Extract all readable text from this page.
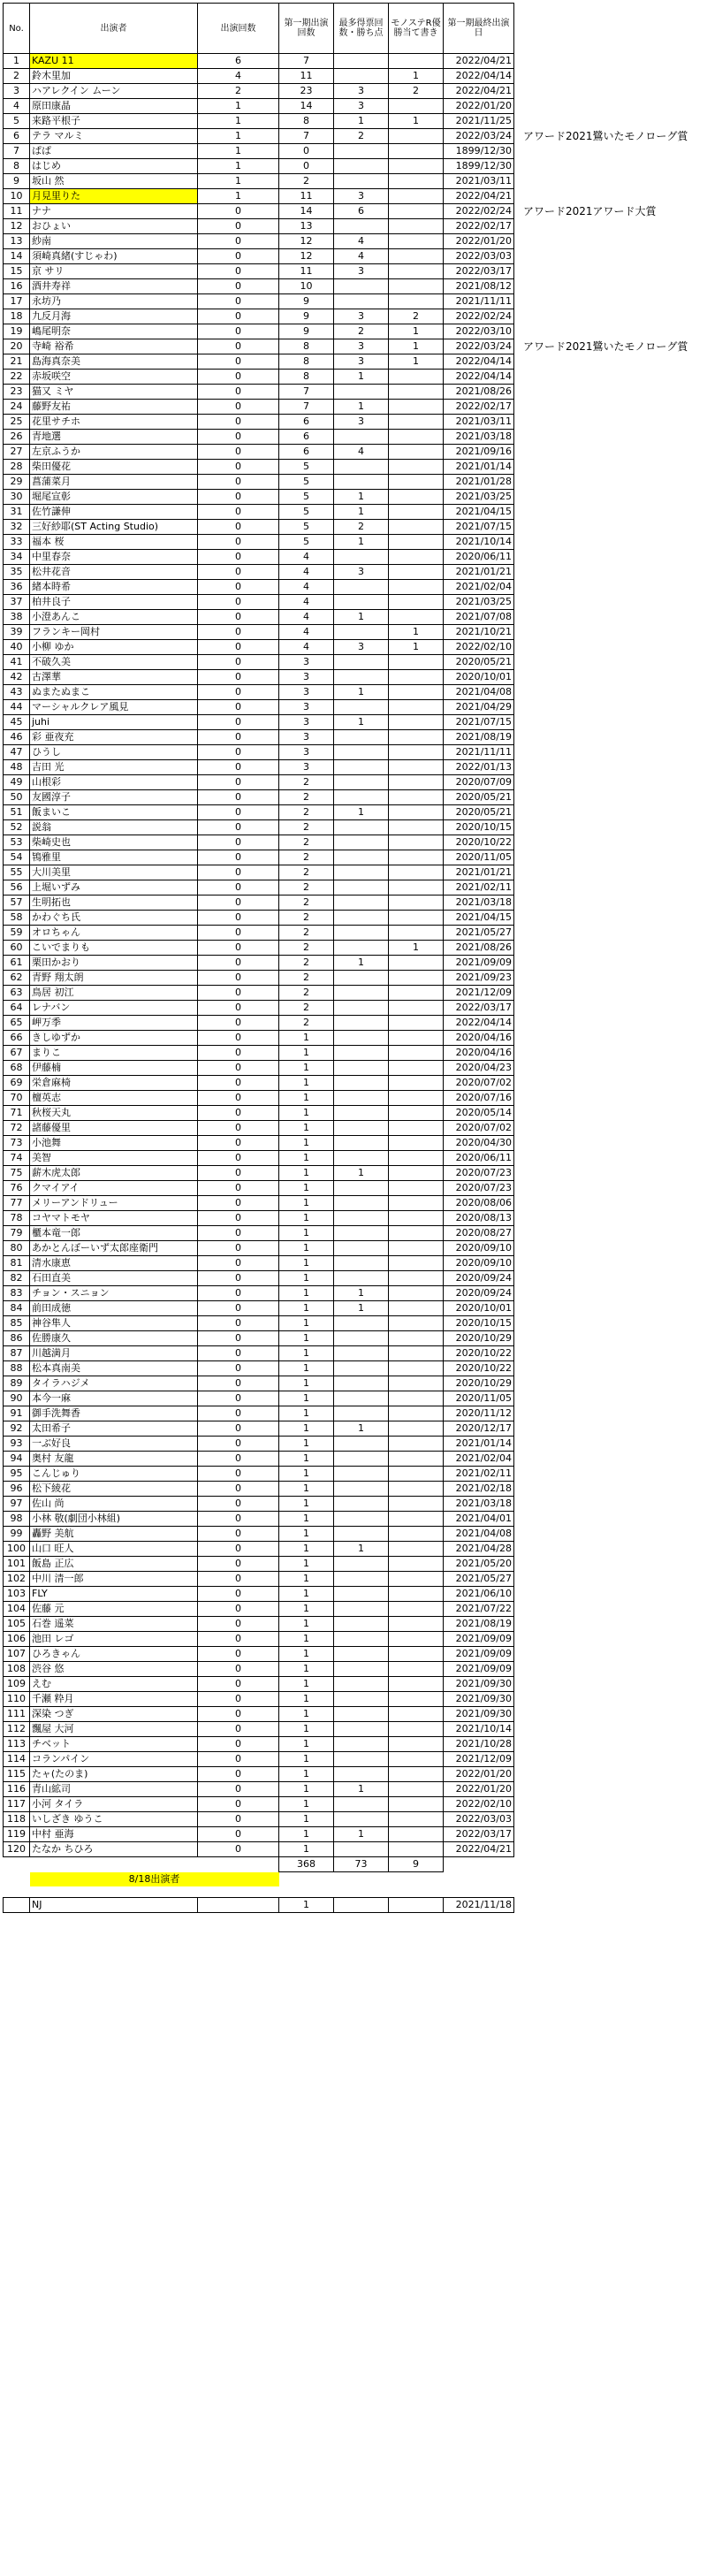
No.	出演者	出演回数	第一期出演回数	最多得票回数・勝ち点	モノステR優勝当て書き	第一期最終出演日
1	KAZU 11	6	7			2022/04/21
2	鈴木里加	4	11		1	2022/04/14
3	ハアレクイン ムーン	2	23	3	2	2022/04/21
4	原田康晶	1	14	3		2022/01/20
5	来路平根子	1	8	1	1	2021/11/25
6	テラ マルミ	1	7	2		2022/03/24
7	ぱぱ	1	0			1899/12/30
8	はじめ	1	0			1899/12/30
9	坂山 然	1	2			2021/03/11
10	月見里りた	1	11	3		2022/04/21
11	ナナ	0	14	6		2022/02/24
12	おひょい	0	13			2022/02/17
13	紗南	0	12	4		2022/01/20
14	須崎真緒(すじゃわ)	0	12	4		2022/03/03
15	京 サリ	0	11	3		2022/03/17
16	酒井寿祥	0	10			2021/08/12
17	永坊乃	0	9			2021/11/11
18	九反月海	0	9	3	2	2022/02/24
19	嶋尾明奈	0	9	2	1	2022/03/10
20	寺崎 裕希	0	8	3	1	2022/03/24
21	島海真奈美	0	8	3	1	2022/04/14
22	赤坂咲空	0	8	1		2022/04/14
23	猫又 ミヤ	0	7			2021/08/26
24	藤野友祐	0	7	1		2022/02/17
25	花里サチホ	0	6	3		2021/03/11
26	青地選	0	6			2021/03/18
27	左京ふうか	0	6	4		2021/09/16
28	柴田優花	0	5			2021/01/14
29	菖蒲菜月	0	5			2021/01/28
30	堀尾宣彰	0	5	1		2021/03/25
31	佐竹謙伸	0	5	1		2021/04/15
32	三好紗耶(ST Acting Studio)	0	5	2		2021/07/15
33	福本 桜	0	5	1		2021/10/14
34	中里春奈	0	4			2020/06/11
35	松井花音	0	4	3		2021/01/21
36	緒本時希	0	4			2021/02/04
37	柏井良子	0	4			2021/03/25
38	小澄あんこ	0	4	1		2021/07/08
39	フランキー岡村	0	4		1	2021/10/21
40	小柳 ゆか	0	4	3	1	2022/02/10
41	不破久美	0	3			2020/05/21
42	古澤華	0	3			2020/10/01
43	ぬまたぬまこ	0	3	1		2021/04/08
44	マーシャルクレア風見	0	3			2021/04/29
45	juhi	0	3	1		2021/07/15
46	彩 亜夜充	0	3			2021/08/19
47	ひうし	0	3			2021/11/11
48	吉田 光	0	3			2022/01/13
49	山根彩	0	2			2020/07/09
50	友國淳子	0	2			2020/05/21
51	飯まいこ	0	2	1		2020/05/21
52	説翁	0	2			2020/10/15
53	柴崎史也	0	2			2020/10/22
54	鴇雅里	0	2			2020/11/05
55	大川美里	0	2			2021/01/21
56	上堀いずみ	0	2			2021/02/11
57	生明拓也	0	2			2021/03/18
58	かわぐち氏	0	2			2021/04/15
59	オロちゃん	0	2			2021/05/27
60	こいでまりも	0	2		1	2021/08/26
61	栗田かおり	0	2	1		2021/09/09
62	青野 翔太朗	0	2			2021/09/23
63	鳥居 初江	0	2			2021/12/09
64	レナバン	0	2			2022/03/17
65	岬万季	0	2			2022/04/14
66	きしゆずか	0	1			2020/04/16
67	まりこ	0	1			2020/04/16
68	伊藤楠	0	1			2020/04/23
69	栄倉麻椅	0	1			2020/07/02
70	檀英志	0	1			2020/07/16
71	秋桜天丸	0	1			2020/05/14
72	諸藤優里	0	1			2020/07/02
73	小池舞	0	1			2020/04/30
74	美智	0	1			2020/06/11
75	薪木虎太郎	0	1	1		2020/07/23
76	クマイアイ	0	1			2020/07/23
77	メリーアンドリュー	0	1			2020/08/06
78	コヤマトモヤ	0	1			2020/08/13
79	櫃本竜一郎	0	1			2020/08/27
80	あかとんぼーいず太郎座衛門	0	1			2020/09/10
81	清水康恵	0	1			2020/09/10
82	石田直美	0	1			2020/09/24
83	チョン・スニョン	0	1	1		2020/09/24
84	前田成徳	0	1	1		2020/10/01
85	神谷隼人	0	1			2020/10/15
86	佐勝康久	0	1			2020/10/29
87	川越満月	0	1			2020/10/22
88	松本真南美	0	1			2020/10/22
89	タイラハジメ	0	1			2020/10/29
90	本今一麻	0	1			2020/11/05
91	御手洗舞香	0	1			2020/11/12
92	太田希子	0	1	1		2020/12/17
93	一ぶ好良	0	1			2021/01/14
94	奥村 友龍	0	1			2021/02/04
95	こんじゅり	0	1			2021/02/11
96	松下綾花	0	1			2021/02/18
97	佐山 尚	0	1			2021/03/18
98	小林 敬(劇団小林組)	0	1			2021/04/01
99	轟野 美航	0	1			2021/04/08
100	山口 旺人	0	1	1		2021/04/28
101	飯島 正広	0	1			2021/05/20
102	中川 清一郎	0	1			2021/05/27
103	FLY	0	1			2021/06/10
104	佐藤 元	0	1			2021/07/22
105	石巻 遥菜	0	1			2021/08/19
106	池田 レゴ	0	1			2021/09/09
107	ひろきゃん	0	1			2021/09/09
108	渋谷 悠	0	1			2021/09/09
109	えむ	0	1			2021/09/30
110	千瀬 粋月	0	1			2021/09/30
111	深染 つぎ	0	1			2021/09/30
112	飄屋 大河	0	1			2021/10/14
113	チベット	0	1			2021/10/28
114	コランパイン	0	1			2021/12/09
115	たャ(たのま)	0	1			2022/01/20
116	青山絋司	0	1	1		2022/01/20
117	小河 タイラ	0	1			2022/02/10
118	いしざき ゆうこ	0	1			2022/03/03
119	中村 亜海	0	1	1		2022/03/17
120	たなか ちひろ	0	1			2022/04/21
			368	73	9	
	8/18出演者					

	NJ		1			2021/11/18
アワード2021鷺いたモノローグ賞
アワード2021アワード大賞
アワード2021鷺いたモノローグ賞
